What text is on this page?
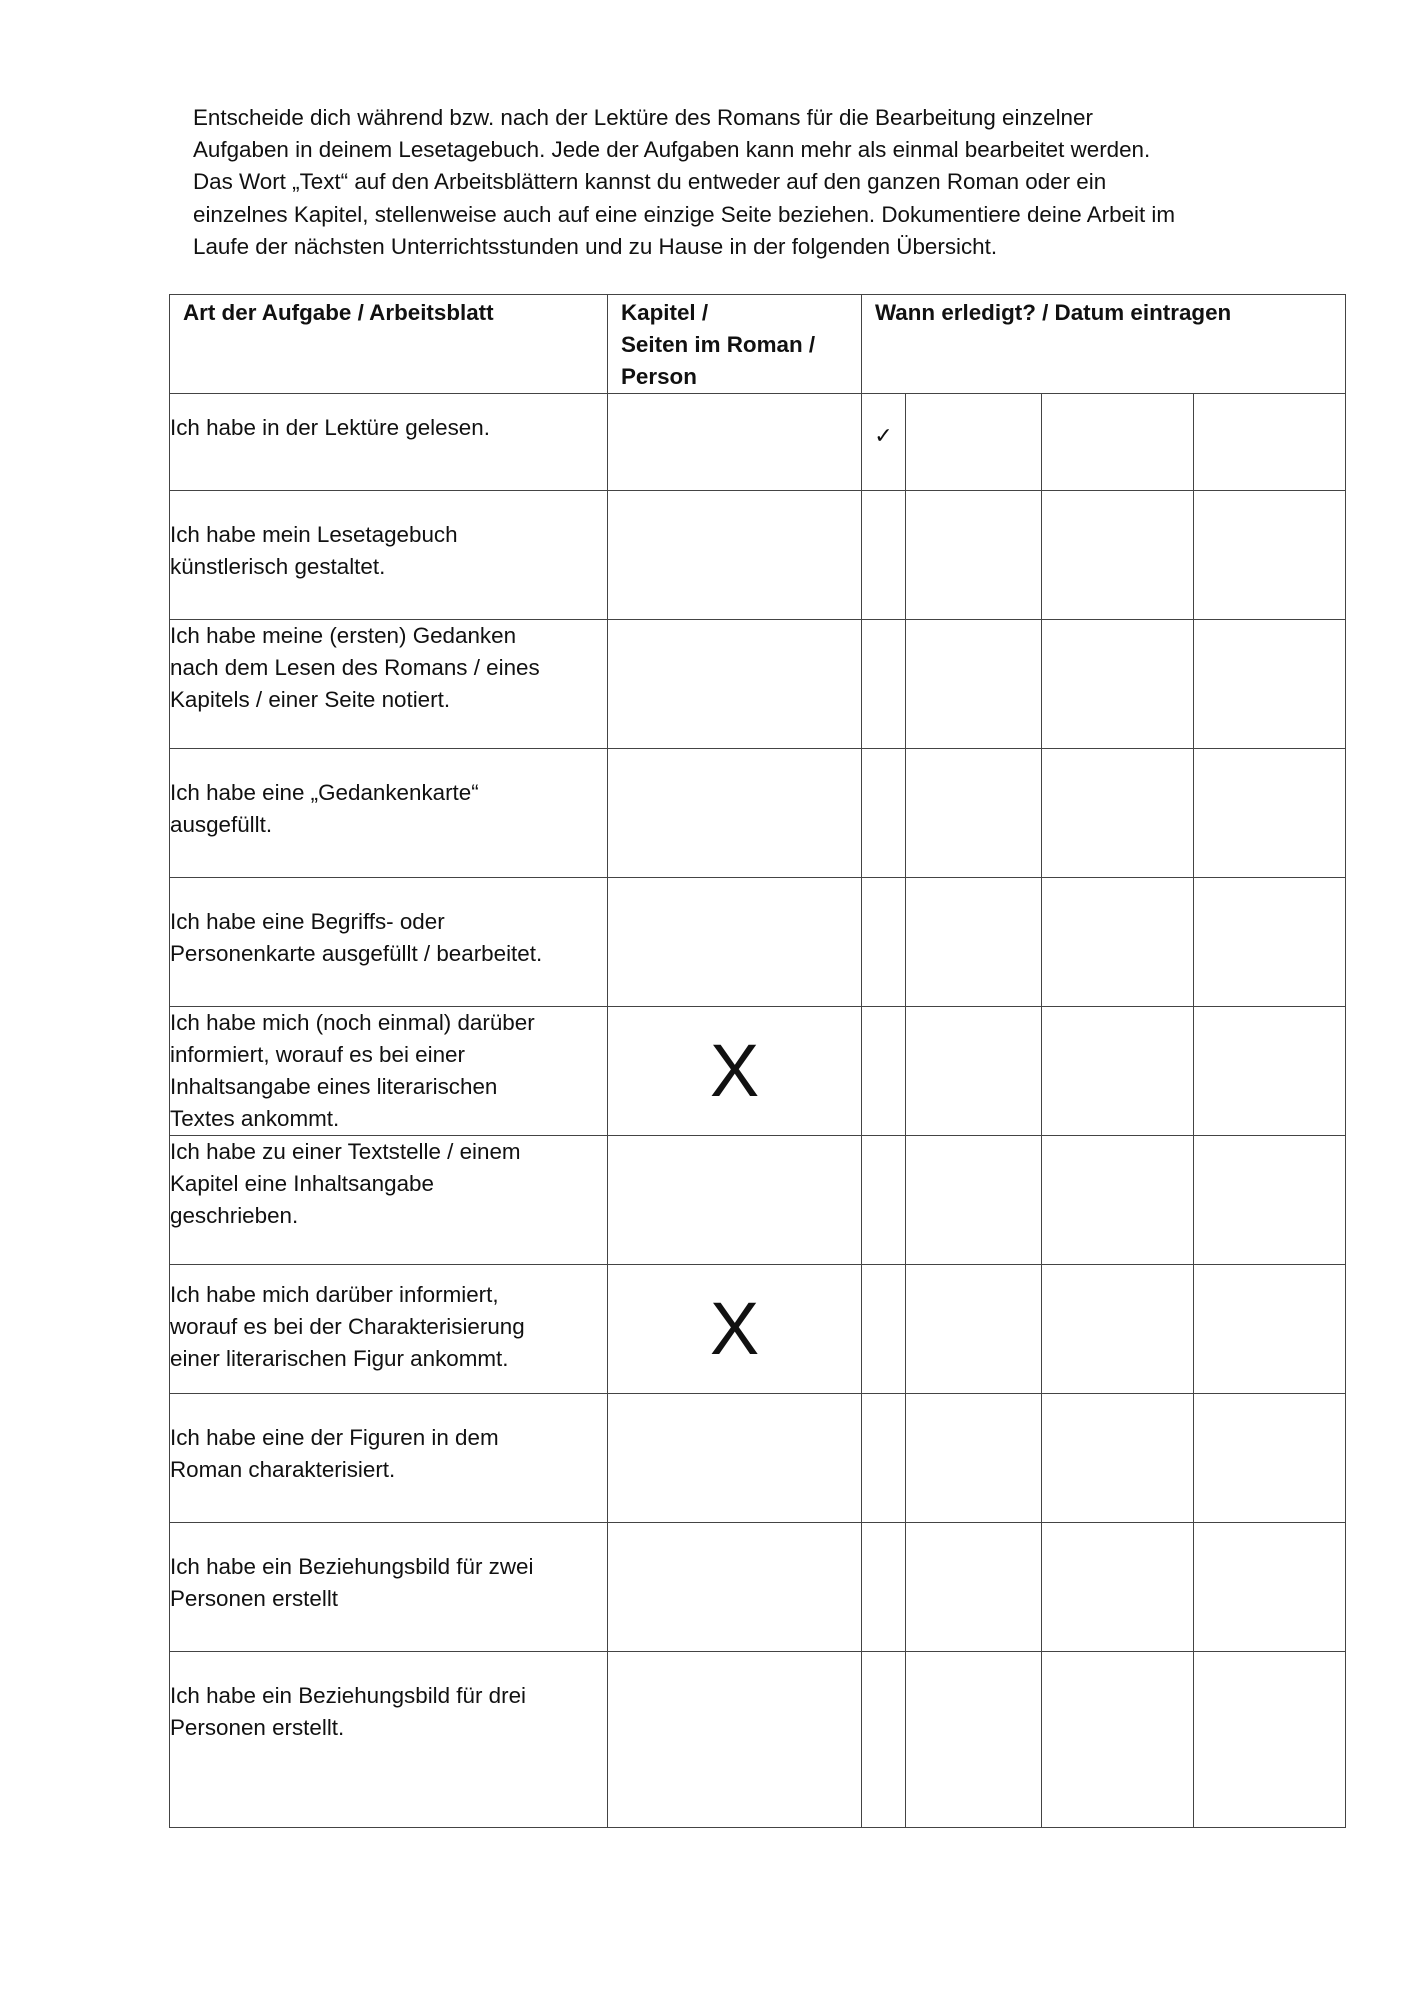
Entscheide dich während bzw. nach der Lektüre des Romans für die Bearbeitung einzelner
Aufgaben in deinem Lesetagebuch. Jede der Aufgaben kann mehr als einmal bearbeitet werden.
Das Wort „Text“ auf den Arbeitsblättern kannst du entweder auf den ganzen Roman oder ein
einzelnes Kapitel, stellenweise auch auf eine einzige Seite beziehen. Dokumentiere deine Arbeit im
Laufe der nächsten Unterrichtsstunden und zu Hause in der folgenden Übersicht.
Art der Aufgabe / Arbeitsblatt	Kapitel /
Seiten im Roman /
Person	Wann erledigt? / Datum eintragen			

Ich habe in der Lektüre gelesen.		✓			

Ich habe mein Lesetagebuch
künstlerisch gestaltet.					

Ich habe meine (ersten) Gedanken
nach dem Lesen des Romans / eines
Kapitels / einer Seite notiert.					

Ich habe eine „Gedankenkarte“
ausgefüllt.					

Ich habe eine Begriffs- oder
Personenkarte ausgefüllt / bearbeitet.					

Ich habe mich (noch einmal) darüber
informiert, worauf es bei einer
Inhaltsangabe eines literarischen
Textes ankommt.	X				

Ich habe zu einer Textstelle / einem
Kapitel eine Inhaltsangabe
geschrieben.					

Ich habe mich darüber informiert,
worauf es bei der Charakterisierung
einer literarischen Figur ankommt.	X				

Ich habe eine der Figuren in dem
Roman charakterisiert.					

Ich habe ein Beziehungsbild für zwei
Personen erstellt					

Ich habe ein Beziehungsbild für drei
Personen erstellt.					
